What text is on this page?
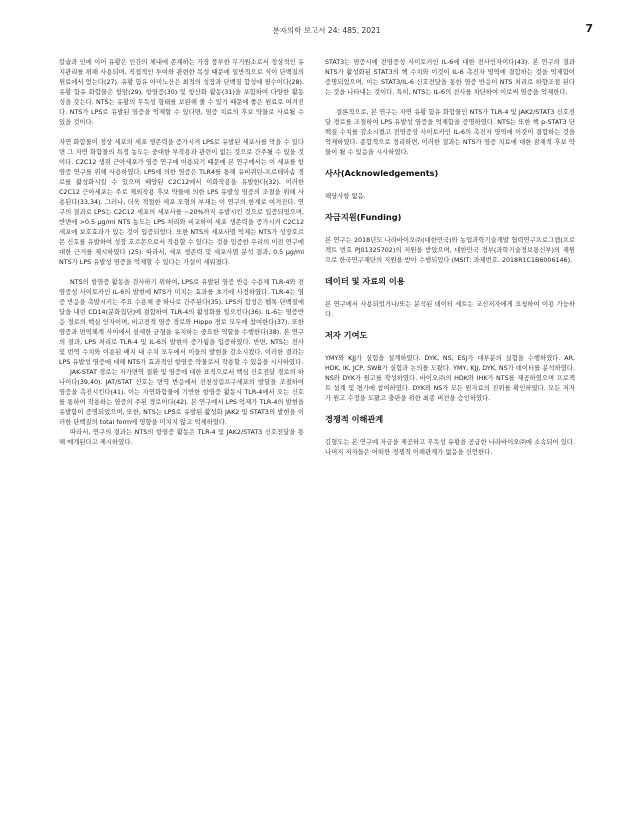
분자의학 보고서 24: 485, 2021	7

칼슘과 인에 이어 유황은 인간의 체내에 존재하는 가장 풍부한 무기원소로서 정상적인 유지관리를 위해 사용되며, 직접적인 투여와 관련한 독성 때문에 일반적으로 식이 단백질의 원료에서 얻는다(27). 유황 함유 아미노산은 최적의 성장과 단백질 합성에 필수이다(28). 유황 함유 화합물은 항암(29), 항염증(30) 및 항산화 활동(31)을 포함하여 다양한 활동성을 갖는다. NTS는 유황의 무독성 형태를 보완해 줄 수 있기 때문에 좋은 원료로 여겨진다. NTS가 LPS로 유발된 염증을 억제할 수 있다면, 염증 치료의 후보 약물로 사료될 수 있을 것이다.

자연 화합물이 정상 세포의 세포 생존력을 증가시켜 LPS로 유발된 세포사를 막을 수 있다면 그 자연 화합물의 특정 농도는 중대한 부작용과 관련이 없는 것으로 간주될 수 있을 것이다. C2C12 생쥐 근아세포가 염증 연구에 이용되기 때문에 본 연구에서는 이 세포를 항염증 연구를 위해 사용하였다. LPS에 의한 염증은 TLR4를 통해 유비퀴틴-프로테아솜 경로를 활성화시킬 수 있으며 배양된 C2C12에서 이화작용을 유발한다(32). 이러한 C2C12 근아세포는 주로 제외작용 후보 약물에 의한 LPS 유발성 염증의 조절을 위해 사용된다(33,34). 그러나, 더욱 적절한 세포 모형의 부재는 이 연구의 한계로 여겨진다. 연구의 결과로 LPS는 C2C12 세포의 세포사를 ~20%까지 유발시킨 것으로 입증되었으며, 반면에 >0.5 μg/ml NTS 농도는 LPS 처리와 비교하여 세포 생존력을 증가시켜 C2C12 세포에 보호효과가 있는 것이 입증되었다. 또한 NTS의 세포사멸 억제는 NTS가 성장호르몬 신호를 유발하여 성장 호르몬으로서 작용할 수 있다는 것을 입증한 우리의 이전 연구에 대한 근거를 제시하였다 (25). 따라서, 세포 생존력 및 세포사멸 분석 결과, 0.5 μg/ml NTS가 LPS 유발성 염증을 억제할 수 있다는 가설이 세워졌다.

NTS의 항염증 활동을 검사하기 위하여, LPS로 유발된 염증 반응 수용체 TLR-4와 전염증성 사이토카인 IL-6의 발현에 NTS가 미치는 효과를 초기에 사정하였다. TLR-4는 염증 반응을 촉발시키는 주요 수용체 중 하나로 간주된다(35). LPS의 합성은 펩톡 단백질에 달을 내린 CD14(분화집단)에 결합하여 TLR-4의 활성화를 일으킨다(36). IL-6는 염증반응 경로의 핵심 인자이며, 비고전적 염증 경로와 Hippo 경로 모두에 참여한다(37). 또한 염증과 면역체계 사이에서 섬세한 균형을 유지하는 중요한 역할을 수행한다(38). 본 연구의 결과, LPS 처리로 TLR-4 및 IL-6의 발현이 증가됨을 입증하였다. 반면, NTS는 전사 및 번역 수치와 이용된 배지 내 수치 모두에서 이들의 발현을 감소시켰다. 이러한 결과는 LPS 유발성 염증에 대해 NTS가 효과적인 항염증 약물로서 작용할 수 있음을 시사하였다.

JAK-STAT 경로는 자가면역 질환 및 염증에 대한 표적으로서 핵심 신호전달 경로의 하나이다(39,40). JAT/STAT 신호는 면역 반응에서 선천성림프구세포의 발달을 조절하여 염증을 촉진시킨다(41). 이는 자연화합물에 기반한 항염증 활동시 TLR-4에서 오는 신호를 통하여 작용하는 염증의 주된 경로이다(42). 본 연구에서 LPS 억제가 TLR-4의 발현을 유발함이 증명되었으며, 또한, NTS는 LPS로 유발된 활성화 JAK2 및 STAT3의 발현을 이러한 단백질의 total form에 영향을 미치지 않고 억제하였다.

따라서, 연구의 결과는 NTS의 항염증 활동은 TLR-4 및 JAK2/STAT3 신호전달을 통해 매개된다고 제시하였다.

STAT3는 염증시에 전염증성 사이토카인 IL-6에 대한 전사인자이다(43). 본 연구의 결과 NTS가 활성화된 STAT3의 핵 수치와 이것이 IL-6 촉진자 영역에 결합하는 것을 억제함이 증명되었으며, 이는 STAT3/IL-6 신호전달을 통한 염증 반응이 NTS 처리로 하향조절 된다는 것을 나타내는 것이다. 특히, NTS는 IL-6의 전사를 차단하여 이로써 염증을 억제한다.

결론적으로, 본 연구는 자연 유황 함유 화합물인 NTS가 TLR-4 및 JAK2/STAT3 신호전달 경로를 조절하여 LPS 유발성 염증을 억제함을 증명하였다. NTS는 또한 핵 p-STAT3 단백질 수치를 감소시켰고 전염증성 사이토카인 IL-6의 촉진자 영역에 이것이 결합하는 것을 억제하였다. 종합적으로 정리하면, 이러한 결과는 NTS가 염증 치료에 대한 잠재적 후보 약물이 될 수 있음을 시사하였다.

사사(Acknowledgements)

해당사항 없음.

자금지원(Funding)

본 연구는 2018년도 나라바이오㈜(대한민국)와 농업과학기술개발 협력연구프로그램(프로젝트 번호 PJ01325702)의 지원을 받았으며, 대한민국 정부(과학기술정보통신부)의 재원으로 한국연구재단의 지원을 받아 수행되었다 (MSIT; 과제번호. 2018R1C1B6006146).

데이터 및 자료의 이용

본 연구에서 사용되었거나/또는 분석된 데이터 세트는 교신저자에게 요청하여 이용 가능하다.

저자 기여도

YMY와 KJJ가 실험을 설계하였다. DYK, NS, ESJ가 대부분의 실험을 수행하였다. AR, HDK, IK, JCP, SWB가 실험과 논의를 도왔다. YMY, KJJ, DYK, NS가 데이터를 분석하였다. NS와 DYK가 원고를 작성하였다. 바이오㈜의 HDK와 IHK가 NTS를 제공하였으며 프로젝트 설계 및 평가에 참여하였다. DYK와 NS가 모든 원자료의 진위를 확인하였다. 모든 저자가 원고 수정을 도왔고 출판을 위한 최종 버전을 승인하였다.

경쟁적 이해관계

김형도는 본 연구에 자금을 제공하고 무독성 유황을 공급한 나라바이오㈜에 소속되어 있다. 나머지 저자들은 어떠한 경쟁적 이해관계가 없음을 선언한다.
